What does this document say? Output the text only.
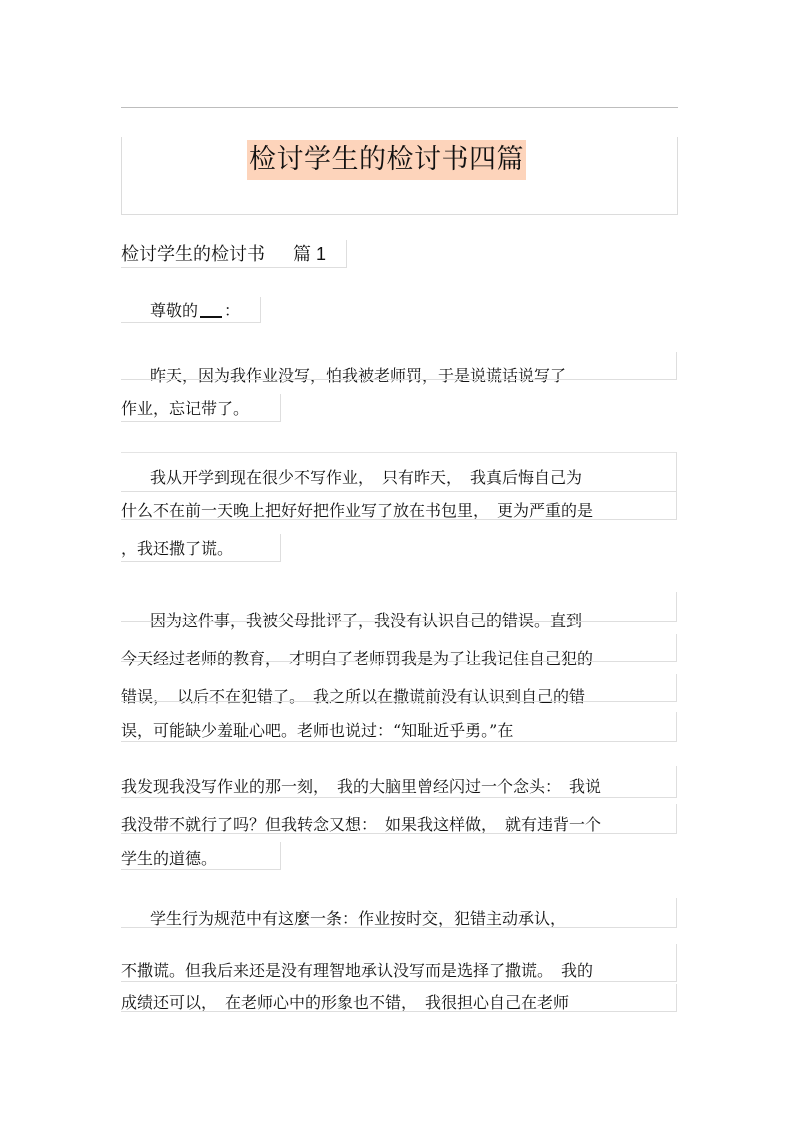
检讨学生的检讨书四篇
检讨学生的检讨书 篇 1
尊敬的 ：
昨天，因为我作业没写，怕我被老师罚，于是说谎话说写了
作业，忘记带了。
我从开学到现在很少不写作业，　只有昨天，　我真后悔自己为
什么不在前一天晚上把好好把作业写了放在书包里，　更为严重的是
，我还撒了谎。
因为这件事，我被父母批评了，我没有认识自己的错误。直到
今天经过老师的教育，　才明白了老师罚我是为了让我记住自己犯的
错误，　以后不在犯错了。　我之所以在撒谎前没有认识到自己的错
误，可能缺少羞耻心吧。老师也说过：“知耻近乎勇。”在
我发现我没写作业的那一刻，　我的大脑里曾经闪过一个念头：　我说
我没带不就行了吗？但我转念又想：　如果我这样做，　就有违背一个
学生的道德。
学生行为规范中有这麼一条：作业按时交，犯错主动承认，
不撒谎。但我后来还是没有理智地承认没写而是选择了撒谎。　我的
成绩还可以，　在老师心中的形象也不错，　我很担心自己在老师
